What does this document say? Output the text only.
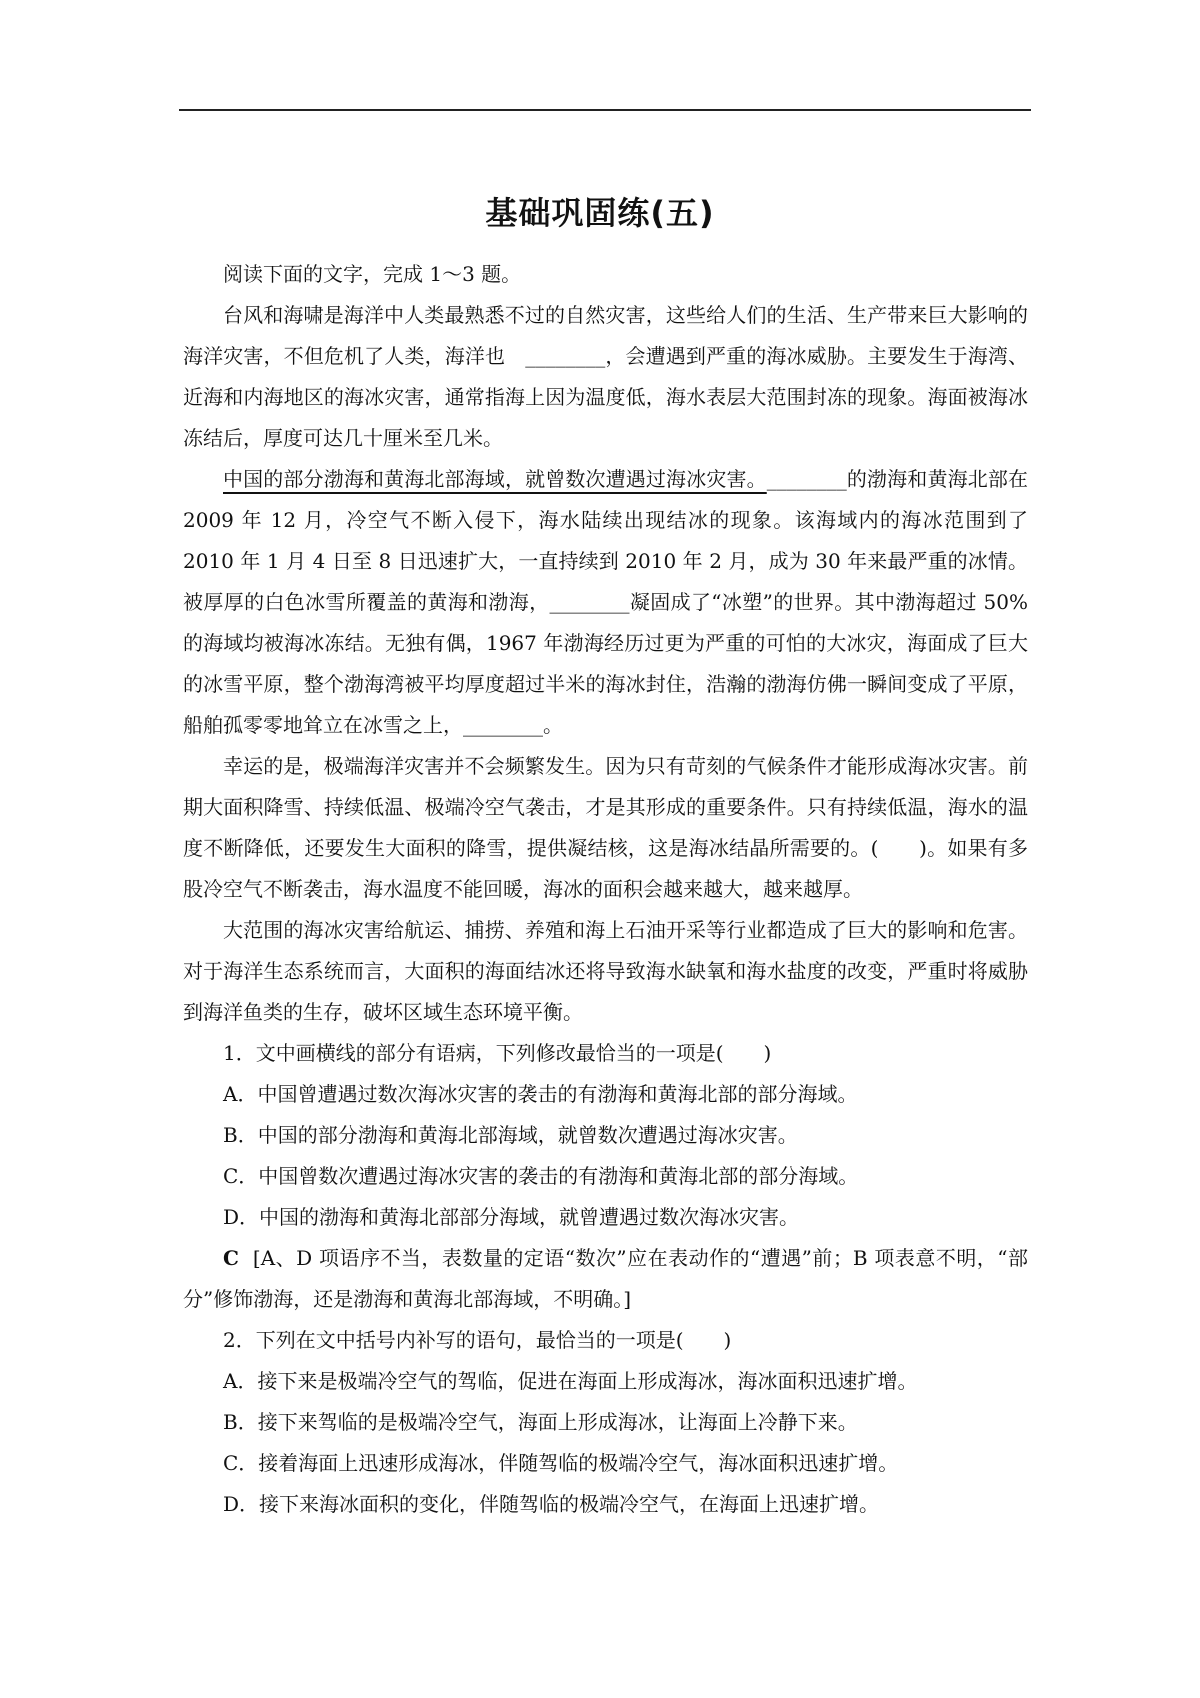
基础巩固练(五)

阅读下面的文字，完成 1～3 题。

台风和海啸是海洋中人类最熟悉不过的自然灾害，这些给人们的生活、生产带来巨大影响的海洋灾害，不但危机了人类，海洋也　________，会遭遇到严重的海冰威胁。主要发生于海湾、近海和内海地区的海冰灾害，通常指海上因为温度低，海水表层大范围封冻的现象。海面被海冰冻结后，厚度可达几十厘米至几米。

中国的部分渤海和黄海北部海域，就曾数次遭遇过海冰灾害。________的渤海和黄海北部在 2009 年 12 月，冷空气不断入侵下，海水陆续出现结冰的现象。该海域内的海冰范围到了 2010 年 1 月 4 日至 8 日迅速扩大，一直持续到 2010 年 2 月，成为 30 年来最严重的冰情。被厚厚的白色冰雪所覆盖的黄海和渤海，________凝固成了“冰塑”的世界。其中渤海超过 50%的海域均被海冰冻结。无独有偶，1967 年渤海经历过更为严重的可怕的大冰灾，海面成了巨大的冰雪平原，整个渤海湾被平均厚度超过半米的海冰封住，浩瀚的渤海仿佛一瞬间变成了平原，船舶孤零零地耸立在冰雪之上，________。

幸运的是，极端海洋灾害并不会频繁发生。因为只有苛刻的气候条件才能形成海冰灾害。前期大面积降雪、持续低温、极端冷空气袭击，才是其形成的重要条件。只有持续低温，海水的温度不断降低，还要发生大面积的降雪，提供凝结核，这是海冰结晶所需要的。(　　)。如果有多股冷空气不断袭击，海水温度不能回暖，海冰的面积会越来越大，越来越厚。

大范围的海冰灾害给航运、捕捞、养殖和海上石油开采等行业都造成了巨大的影响和危害。对于海洋生态系统而言，大面积的海面结冰还将导致海水缺氧和海水盐度的改变，严重时将威胁到海洋鱼类的生存，破坏区域生态环境平衡。

1．文中画横线的部分有语病，下列修改最恰当的一项是(　　)

A．中国曾遭遇过数次海冰灾害的袭击的有渤海和黄海北部的部分海域。

B．中国的部分渤海和黄海北部海域，就曾数次遭遇过海冰灾害。

C．中国曾数次遭遇过海冰灾害的袭击的有渤海和黄海北部的部分海域。

D．中国的渤海和黄海北部部分海域，就曾遭遇过数次海冰灾害。

C [A、D 项语序不当，表数量的定语“数次”应在表动作的“遭遇”前；B 项表意不明，“部分”修饰渤海，还是渤海和黄海北部海域，不明确。]

2．下列在文中括号内补写的语句，最恰当的一项是(　　)

A．接下来是极端冷空气的驾临，促进在海面上形成海冰，海冰面积迅速扩增。

B．接下来驾临的是极端冷空气，海面上形成海冰，让海面上冷静下来。

C．接着海面上迅速形成海冰，伴随驾临的极端冷空气，海冰面积迅速扩增。

D．接下来海冰面积的变化，伴随驾临的极端冷空气，在海面上迅速扩增。
